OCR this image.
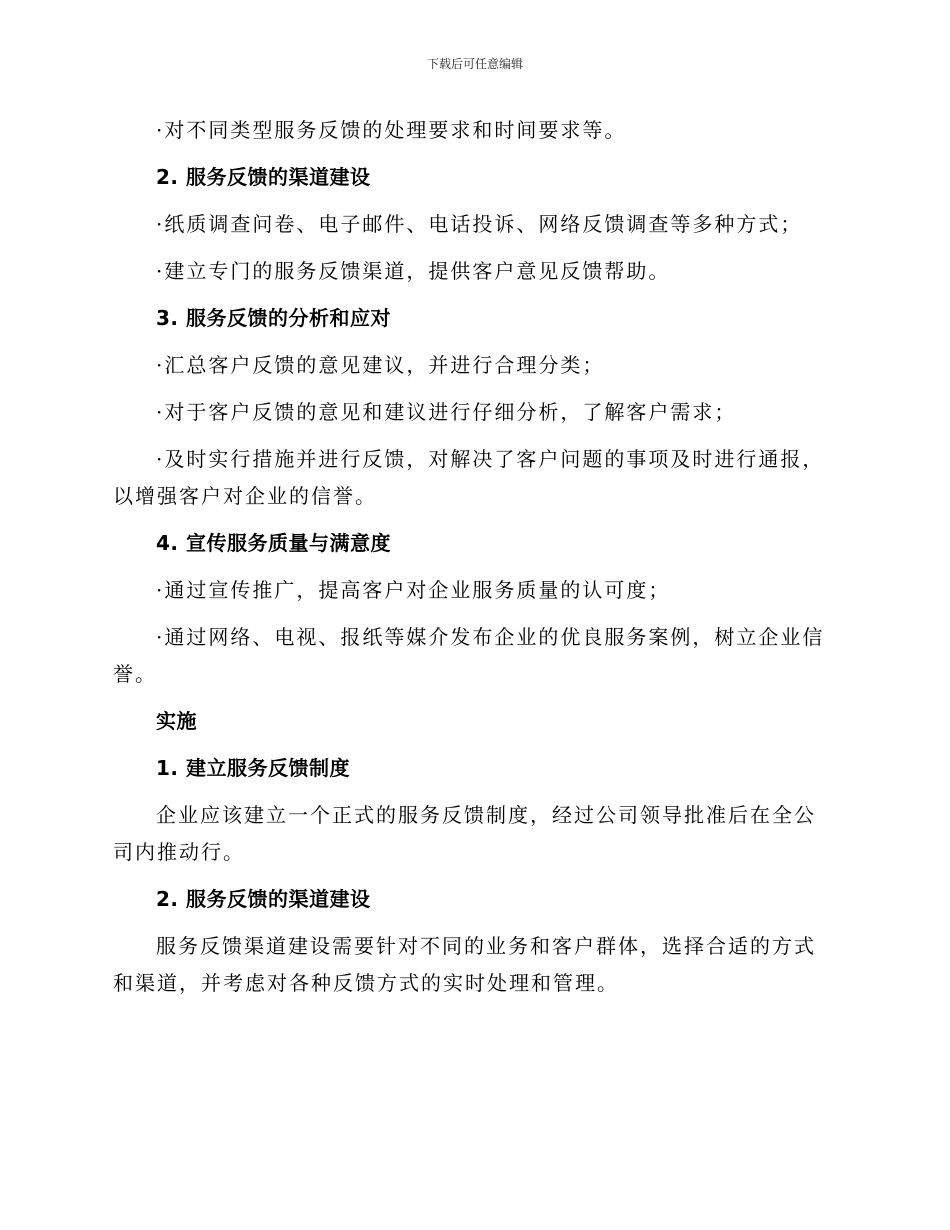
下载后可任意编辑

·对不同类型服务反馈的处理要求和时间要求等。

2. 服务反馈的渠道建设

·纸质调查问卷、电子邮件、电话投诉、网络反馈调查等多种方式；

·建立专门的服务反馈渠道，提供客户意见反馈帮助。

3. 服务反馈的分析和应对

·汇总客户反馈的意见建议，并进行合理分类；

·对于客户反馈的意见和建议进行仔细分析，了解客户需求；

·及时实行措施并进行反馈，对解决了客户问题的事项及时进行通报，以增强客户对企业的信誉。

4. 宣传服务质量与满意度

·通过宣传推广，提高客户对企业服务质量的认可度；

·通过网络、电视、报纸等媒介发布企业的优良服务案例，树立企业信誉。

实施

1. 建立服务反馈制度

企业应该建立一个正式的服务反馈制度，经过公司领导批准后在全公司内推动行。

2. 服务反馈的渠道建设

服务反馈渠道建设需要针对不同的业务和客户群体，选择合适的方式和渠道，并考虑对各种反馈方式的实时处理和管理。
